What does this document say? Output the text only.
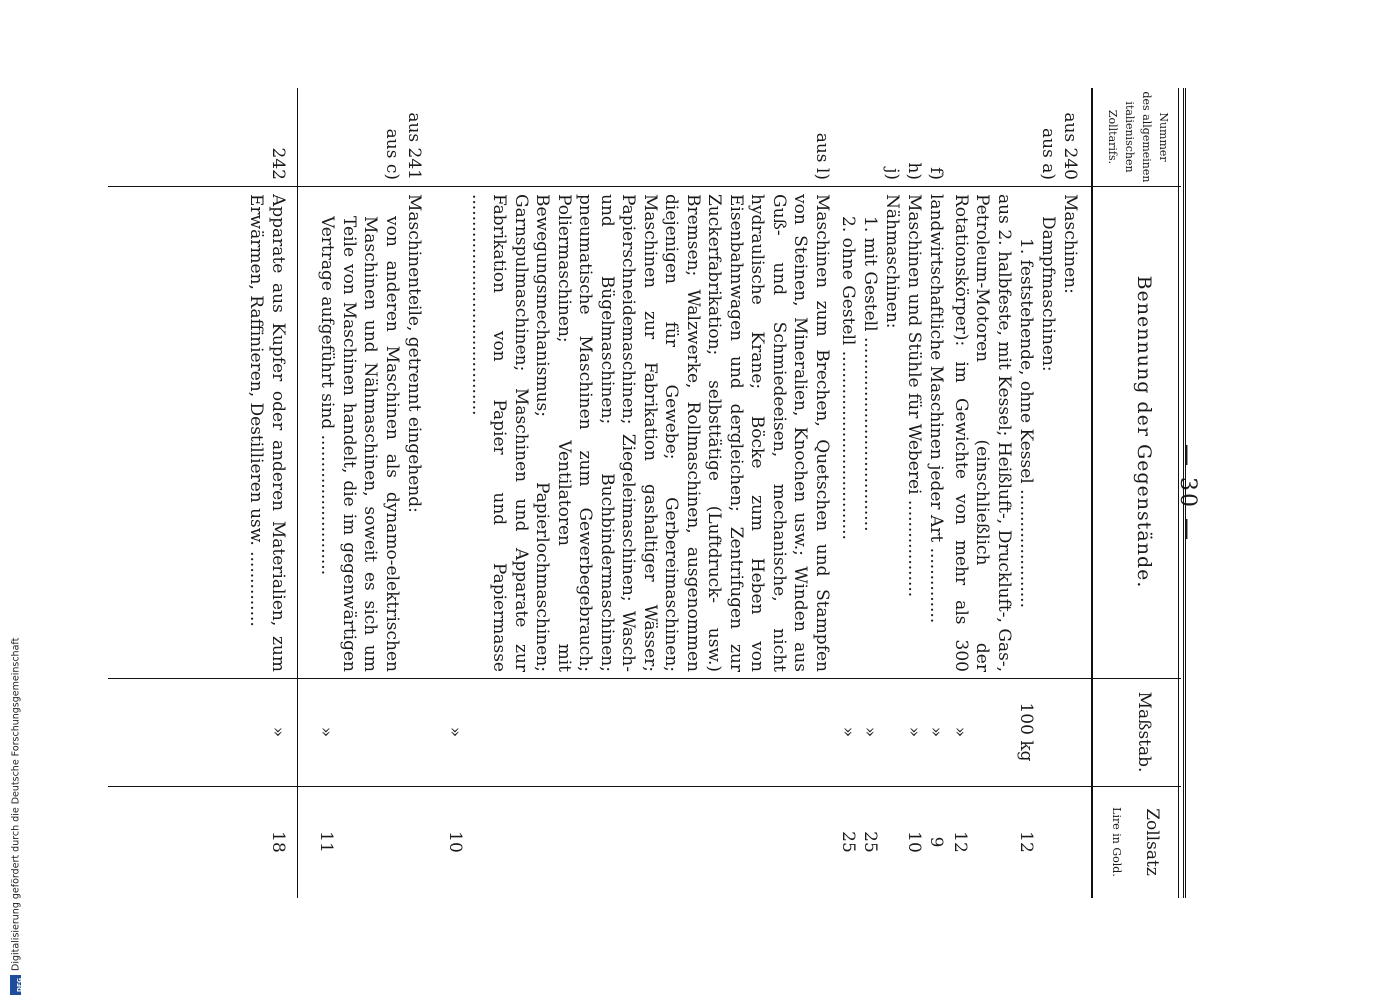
— 30 —
Nummer
des allgemeinen
italienischen
Zolltarifs.
Benennung der Gegenstände.
Maßstab.
Zollsatz
Lire in Gold.
aus 240
Maschinen:
aus a)
Dampfmaschinen:
1. feststehende, ohne Kessel ......................
100 kg
12
aus 2. halbfeste, mit Kessel; Heißluft-, Druckluft-, Gas-, Petroleum-Motoren (einschließlich der Rotationskörper): im Gewichte von mehr als 300
»
12
f)
landwirtschaftliche Maschinen jeder Art ..............
»
9
h)
Maschinen und Stühle für Weberei ..................
»
10
j)
Nähmaschinen:
1. mit Gestell ....................................
»
25
2. ohne Gestell ...................................
»
25
aus l)
Maschinen zum Brechen, Quetschen und Stampfen von Steinen, Mineralien, Knochen usw.; Winden aus Guß- und Schmiedeeisen, mechanische, nicht hydraulische Krane; Böcke zum Heben von Eisenbahnwagen und dergleichen; Zentrifugen zur Zuckerfabrikation; selbsttätige (Luftdruck- usw.) Bremsen; Walzwerke, Rollmaschinen, ausgenommen diejenigen für Gewebe; Gerbereimaschinen; Maschinen zur Fabrikation gashaltiger Wässer; Papierschneidemaschinen; Ziegeleimaschinen; Wasch- und Bügelmaschinen; Buchbindermaschinen; pneumatische Maschinen zum Gewerbegebrauch; Poliermaschinen; Ventilatoren mit Bewegungsmechanismus; Papierlochmaschinen; Garnspulmaschinen; Maschinen und Apparate zur Fabrikation von Papier und Papiermasse .........................................
»
10
aus 241
Maschinenteile, getrennt eingehend:
aus c)
von anderen Maschinen als dynamo-elektrischen Maschinen und Nähmaschinen, soweit es sich um Teile von Maschinen handelt, die im gegenwärtigen Vertrage aufgeführt sind ..........................
»
11
242
Apparate aus Kupfer oder anderen Materialien, zum Erwärmen, Raffinieren, Destillieren usw. ..............
»
18
DFG
Digitalisierung gefördert durch die Deutsche Forschungsgemeinschaft
